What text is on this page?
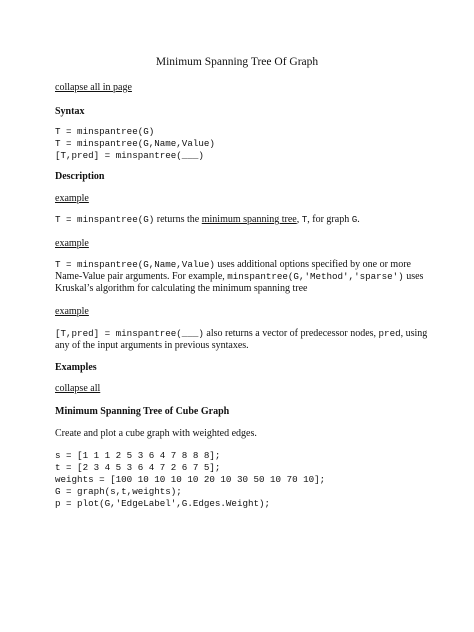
Minimum Spanning Tree Of Graph
collapse all in page
Syntax
T = minspantree(G)
T = minspantree(G,Name,Value)
[T,pred] = minspantree(___)
Description
example
T = minspantree(G) returns the minimum spanning tree, T, for graph G.
example
T = minspantree(G,Name,Value) uses additional options specified by one or more
Name-Value pair arguments. For example, minspantree(G,'Method','sparse') uses
Kruskal’s algorithm for calculating the minimum spanning tree
example
[T,pred] = minspantree(___) also returns a vector of predecessor nodes, pred, using
any of the input arguments in previous syntaxes.
Examples
collapse all
Minimum Spanning Tree of Cube Graph
Create and plot a cube graph with weighted edges.
s = [1 1 1 2 5 3 6 4 7 8 8 8];
t = [2 3 4 5 3 6 4 7 2 6 7 5];
weights = [100 10 10 10 10 20 10 30 50 10 70 10];
G = graph(s,t,weights);
p = plot(G,'EdgeLabel',G.Edges.Weight);
